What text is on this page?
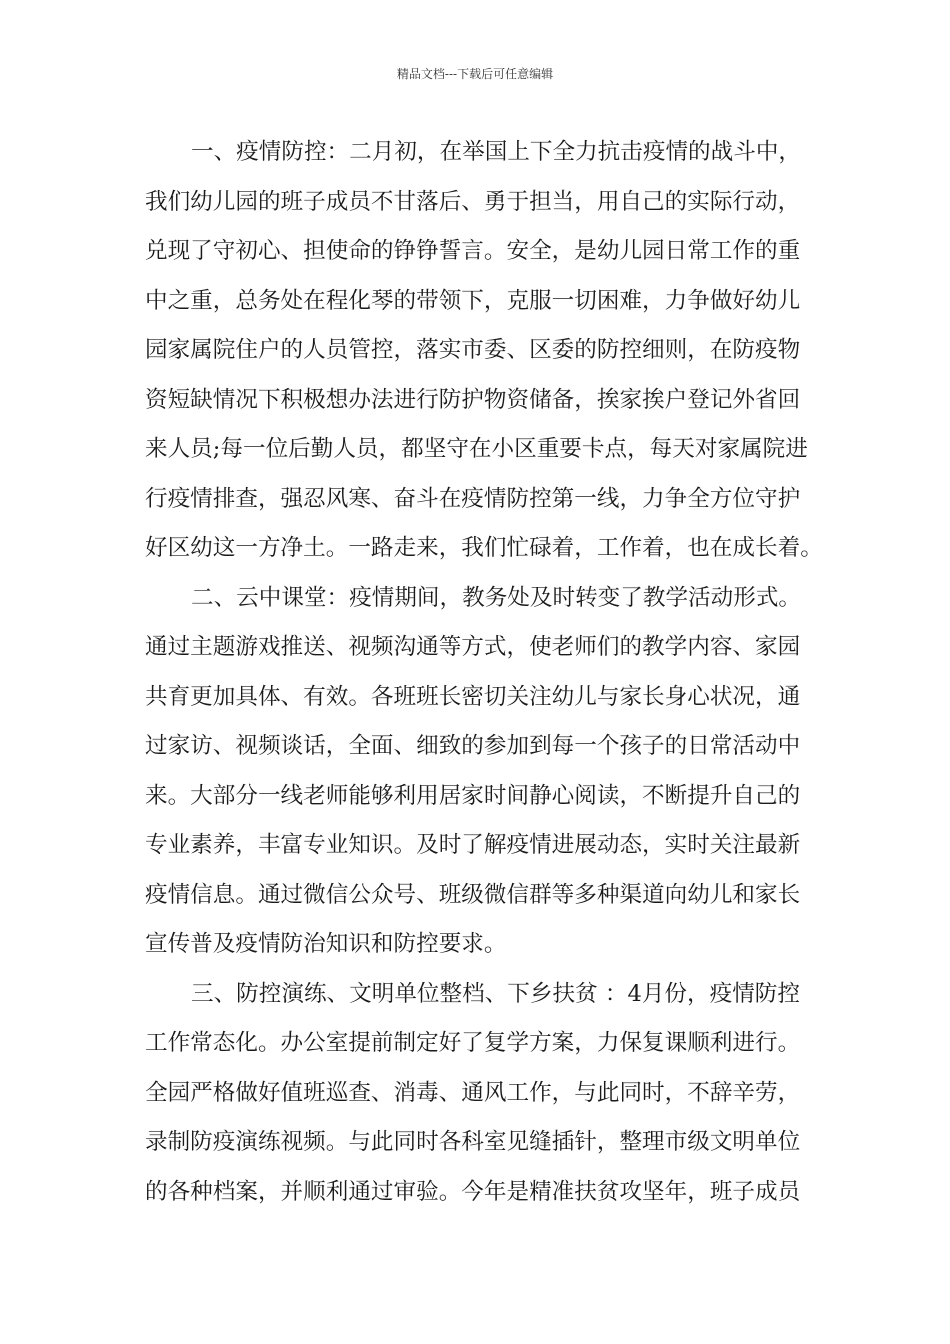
精品文档---下载后可任意编辑
一、疫情防控：二月初，在举国上下全力抗击疫情的战斗中，
我们幼儿园的班子成员不甘落后、勇于担当，用自己的实际行动，
兑现了守初心、担使命的铮铮誓言。安全，是幼儿园日常工作的重
中之重，总务处在程化琴的带领下，克服一切困难，力争做好幼儿
园家属院住户的人员管控，落实市委、区委的防控细则，在防疫物
资短缺情况下积极想办法进行防护物资储备，挨家挨户登记外省回
来人员;每一位后勤人员，都坚守在小区重要卡点，每天对家属院进
行疫情排查，强忍风寒、奋斗在疫情防控第一线，力争全方位守护
好区幼这一方净土。一路走来，我们忙碌着，工作着，也在成长着。
二、云中课堂：疫情期间，教务处及时转变了教学活动形式。
通过主题游戏推送、视频沟通等方式，使老师们的教学内容、家园
共育更加具体、有效。各班班长密切关注幼儿与家长身心状况，通
过家访、视频谈话，全面、细致的参加到每一个孩子的日常活动中
来。大部分一线老师能够利用居家时间静心阅读，不断提升自己的
专业素养，丰富专业知识。及时了解疫情进展动态，实时关注最新
疫情信息。通过微信公众号、班级微信群等多种渠道向幼儿和家长
宣传普及疫情防治知识和防控要求。
三、防控演练、文明单位整档、下乡扶贫 ：4月份，疫情防控
工作常态化。办公室提前制定好了复学方案，力保复课顺利进行。
全园严格做好值班巡查、消毒、通风工作，与此同时，不辞辛劳，
录制防疫演练视频。与此同时各科室见缝插针，整理市级文明单位
的各种档案，并顺利通过审验。今年是精准扶贫攻坚年，班子成员
